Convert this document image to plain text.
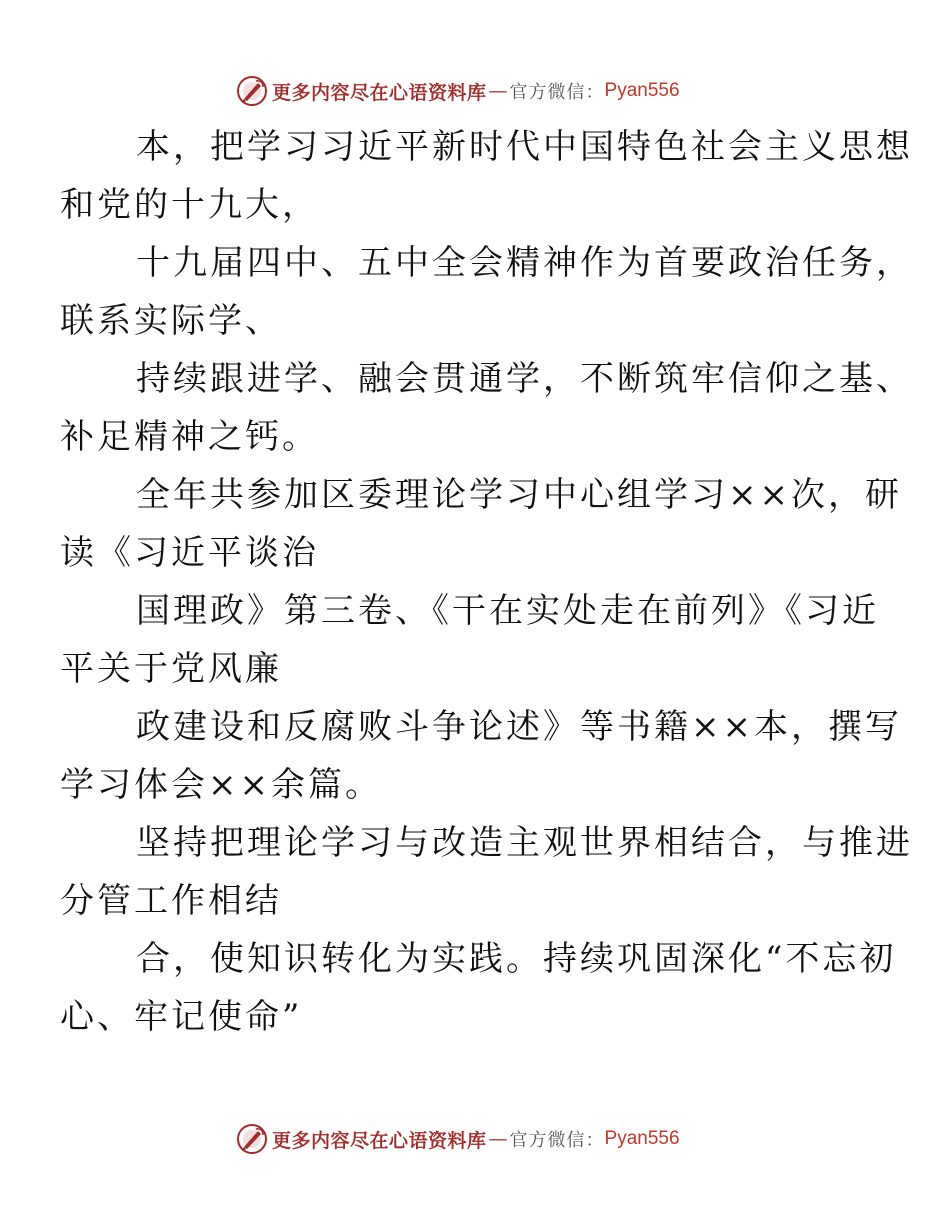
更多内容尽在心语资料库 — 官方微信： Pyan556

本，把学习习近平新时代中国特色社会主义思想
和党的十九大，

十九届四中、五中全会精神作为首要政治任务，
联系实际学、

持续跟进学、融会贯通学，不断筑牢信仰之基、
补足精神之钙。

全年共参加区委理论学习中心组学习××次，研
读《习近平谈治

国理政》第三卷、《干在实处走在前列》《习近
平关于党风廉

政建设和反腐败斗争论述》等书籍××本，撰写
学习体会××余篇。

坚持把理论学习与改造主观世界相结合，与推进
分管工作相结

合，使知识转化为实践。持续巩固深化“不忘初
心、牢记使命”

更多内容尽在心语资料库 — 官方微信： Pyan556
